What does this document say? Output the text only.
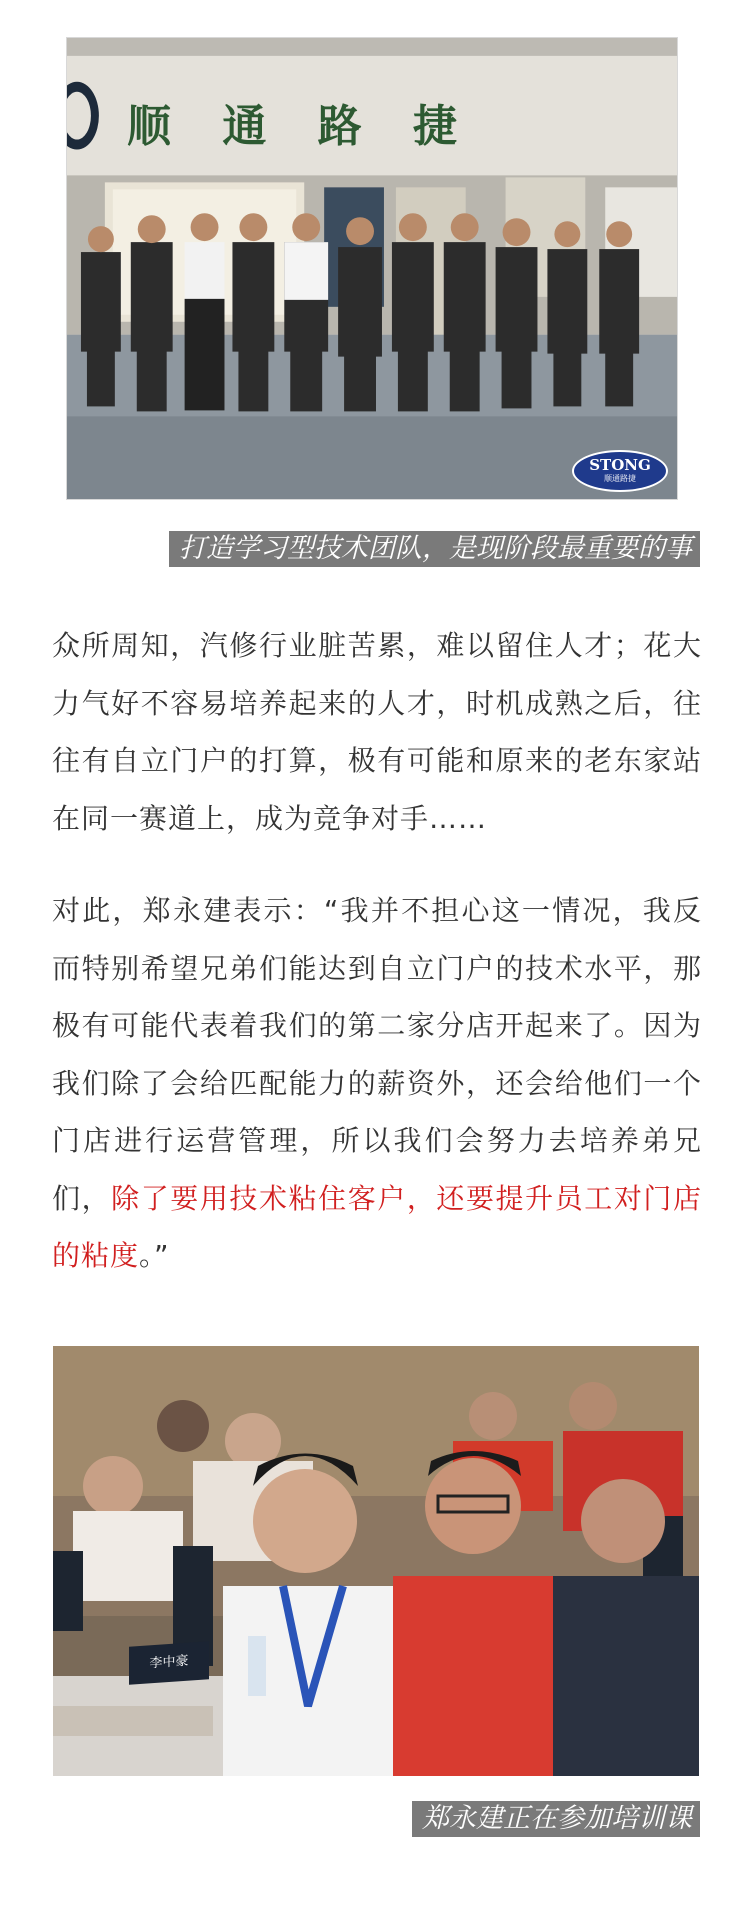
顺 通 路 捷
STONG
顺通路捷
打造学习型技术团队，是现阶段最重要的事

众所周知，汽修行业脏苦累，难以留住人才；花大力气好不容易培养起来的人才，时机成熟之后，往往有自立门户的打算，极有可能和原来的老东家站在同一赛道上，成为竞争对手……

对此，郑永建表示：“我并不担心这一情况，我反而特别希望兄弟们能达到自立门户的技术水平，那极有可能代表着我们的第二家分店开起来了。因为我们除了会给匹配能力的薪资外，还会给他们一个门店进行运营管理，所以我们会努力去培养弟兄们，除了要用技术粘住客户，还要提升员工对门店的粘度。”

李中豪
郑永建正在参加培训课
